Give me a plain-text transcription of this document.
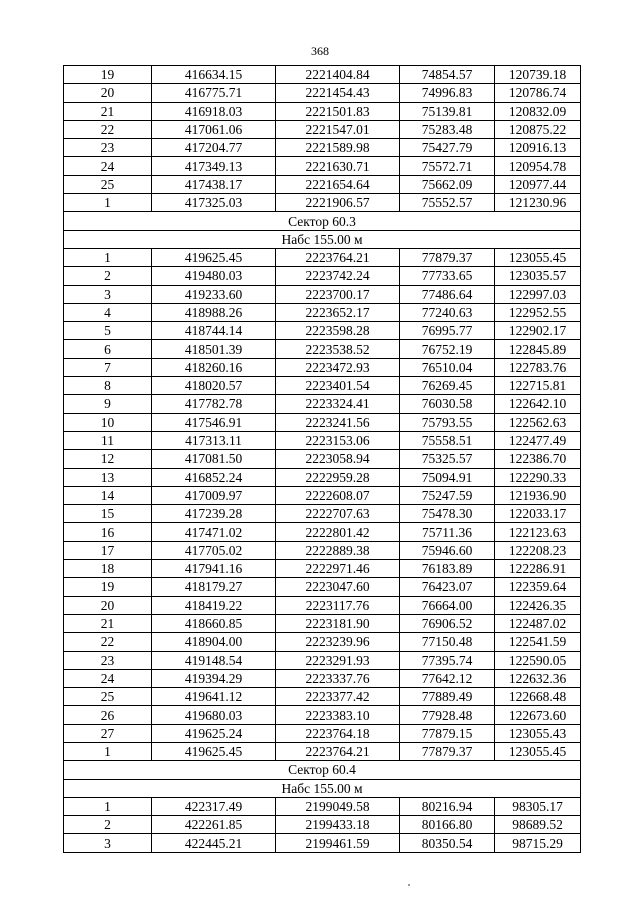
368
19	416634.15	2221404.84	74854.57	120739.18
20	416775.71	2221454.43	74996.83	120786.74
21	416918.03	2221501.83	75139.81	120832.09
22	417061.06	2221547.01	75283.48	120875.22
23	417204.77	2221589.98	75427.79	120916.13
24	417349.13	2221630.71	75572.71	120954.78
25	417438.17	2221654.64	75662.09	120977.44
1	417325.03	2221906.57	75552.57	121230.96
Сектор 60.3				
Набс 155.00 м				
1	419625.45	2223764.21	77879.37	123055.45
2	419480.03	2223742.24	77733.65	123035.57
3	419233.60	2223700.17	77486.64	122997.03
4	418988.26	2223652.17	77240.63	122952.55
5	418744.14	2223598.28	76995.77	122902.17
6	418501.39	2223538.52	76752.19	122845.89
7	418260.16	2223472.93	76510.04	122783.76
8	418020.57	2223401.54	76269.45	122715.81
9	417782.78	2223324.41	76030.58	122642.10
10	417546.91	2223241.56	75793.55	122562.63
11	417313.11	2223153.06	75558.51	122477.49
12	417081.50	2223058.94	75325.57	122386.70
13	416852.24	2222959.28	75094.91	122290.33
14	417009.97	2222608.07	75247.59	121936.90
15	417239.28	2222707.63	75478.30	122033.17
16	417471.02	2222801.42	75711.36	122123.63
17	417705.02	2222889.38	75946.60	122208.23
18	417941.16	2222971.46	76183.89	122286.91
19	418179.27	2223047.60	76423.07	122359.64
20	418419.22	2223117.76	76664.00	122426.35
21	418660.85	2223181.90	76906.52	122487.02
22	418904.00	2223239.96	77150.48	122541.59
23	419148.54	2223291.93	77395.74	122590.05
24	419394.29	2223337.76	77642.12	122632.36
25	419641.12	2223377.42	77889.49	122668.48
26	419680.03	2223383.10	77928.48	122673.60
27	419625.24	2223764.18	77879.15	123055.43
1	419625.45	2223764.21	77879.37	123055.45
Сектор 60.4				
Набс 155.00 м				
1	422317.49	2199049.58	80216.94	98305.17
2	422261.85	2199433.18	80166.80	98689.52
3	422445.21	2199461.59	80350.54	98715.29
